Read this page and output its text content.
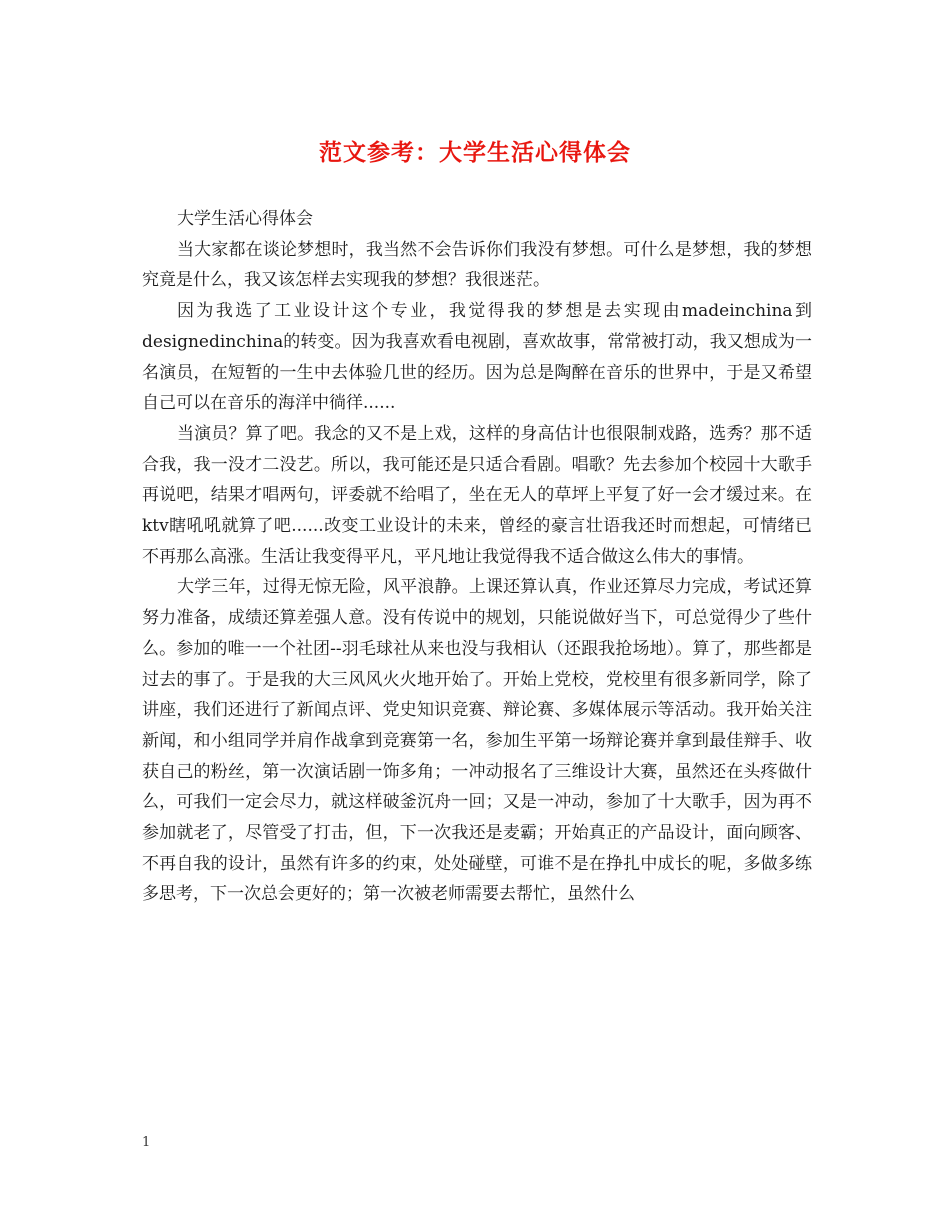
范文参考：大学生活心得体会

大学生活心得体会

当大家都在谈论梦想时，我当然不会告诉你们我没有梦想。可什么是梦想，我的梦想究竟是什么，我又该怎样去实现我的梦想？我很迷茫。

因为我选了工业设计这个专业，我觉得我的梦想是去实现由madeinchina到designedinchina的转变。因为我喜欢看电视剧，喜欢故事，常常被打动，我又想成为一名演员，在短暂的一生中去体验几世的经历。因为总是陶醉在音乐的世界中，于是又希望自己可以在音乐的海洋中徜徉......

当演员？算了吧。我念的又不是上戏，这样的身高估计也很限制戏路，选秀？那不适合我，我一没才二没艺。所以，我可能还是只适合看剧。唱歌？先去参加个校园十大歌手再说吧，结果才唱两句，评委就不给唱了，坐在无人的草坪上平复了好一会才缓过来。在ktv瞎吼吼就算了吧......改变工业设计的未来，曾经的豪言壮语我还时而想起，可情绪已不再那么高涨。生活让我变得平凡，平凡地让我觉得我不适合做这么伟大的事情。

大学三年，过得无惊无险，风平浪静。上课还算认真，作业还算尽力完成，考试还算努力准备，成绩还算差强人意。没有传说中的规划，只能说做好当下，可总觉得少了些什么。参加的唯一一个社团--羽毛球社从来也没与我相认（还跟我抢场地）。算了，那些都是过去的事了。于是我的大三风风火火地开始了。开始上党校，党校里有很多新同学，除了讲座，我们还进行了新闻点评、党史知识竞赛、辩论赛、多媒体展示等活动。我开始关注新闻，和小组同学并肩作战拿到竞赛第一名，参加生平第一场辩论赛并拿到最佳辩手、收获自己的粉丝，第一次演话剧一饰多角；一冲动报名了三维设计大赛，虽然还在头疼做什么，可我们一定会尽力，就这样破釜沉舟一回；又是一冲动，参加了十大歌手，因为再不参加就老了，尽管受了打击，但，下一次我还是麦霸；开始真正的产品设计，面向顾客、不再自我的设计，虽然有许多的约束，处处碰壁，可谁不是在挣扎中成长的呢，多做多练多思考，下一次总会更好的；第一次被老师需要去帮忙，虽然什么

1
